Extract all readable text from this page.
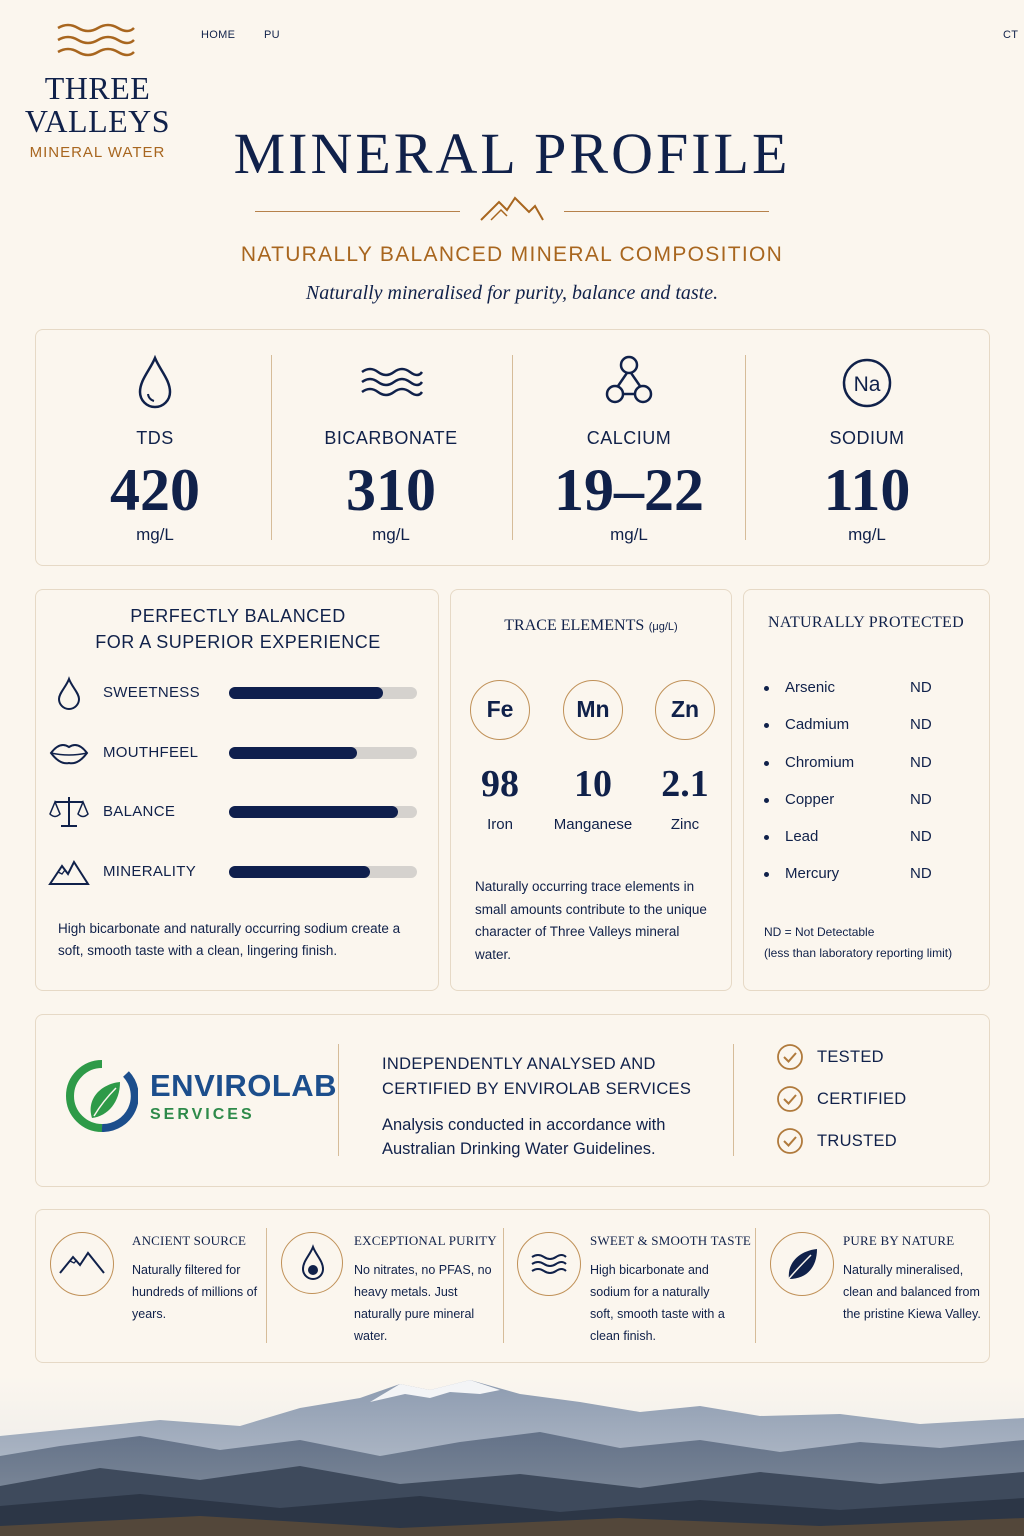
THREE
VALLEYS
MINERAL WATER
HOME	PU	CT
MINERAL PROFILE
NATURALLY BALANCED MINERAL COMPOSITION
Naturally mineralised for purity, balance and taste.
TDS
420
mg/L
BICARBONATE
310
mg/L
CALCIUM
19–22
mg/L
Na
SODIUM
110
mg/L
PERFECTLY BALANCED
FOR A SUPERIOR EXPERIENCE
SWEETNESS
MOUTHFEEL
BALANCE
MINERALITY
High bicarbonate and naturally occurring sodium create a soft, smooth taste with a clean, lingering finish.
TRACE ELEMENTS (μg/L)
Fe
98
Iron
Mn
10
Manganese
Zn
2.1
Zinc
Naturally occurring trace elements in small amounts contribute to the unique character of Three Valleys mineral water.
NATURALLY PROTECTED
Arsenic	ND
Cadmium	ND
Chromium	ND
Copper	ND
Lead	ND
Mercury	ND
ND = Not Detectable
(less than laboratory reporting limit)
ENVIROLAB
SERVICES
INDEPENDENTLY ANALYSED AND
CERTIFIED BY ENVIROLAB SERVICES
Analysis conducted in accordance with Australian Drinking Water Guidelines.
TESTED
CERTIFIED
TRUSTED
ANCIENT SOURCE
Naturally filtered for hundreds of millions of years.
EXCEPTIONAL PURITY
No nitrates, no PFAS, no heavy metals. Just naturally pure mineral water.
SWEET & SMOOTH TASTE
High bicarbonate and sodium for a naturally soft, smooth taste with a clean finish.
PURE BY NATURE
Naturally mineralised, clean and balanced from the pristine Kiewa Valley.
